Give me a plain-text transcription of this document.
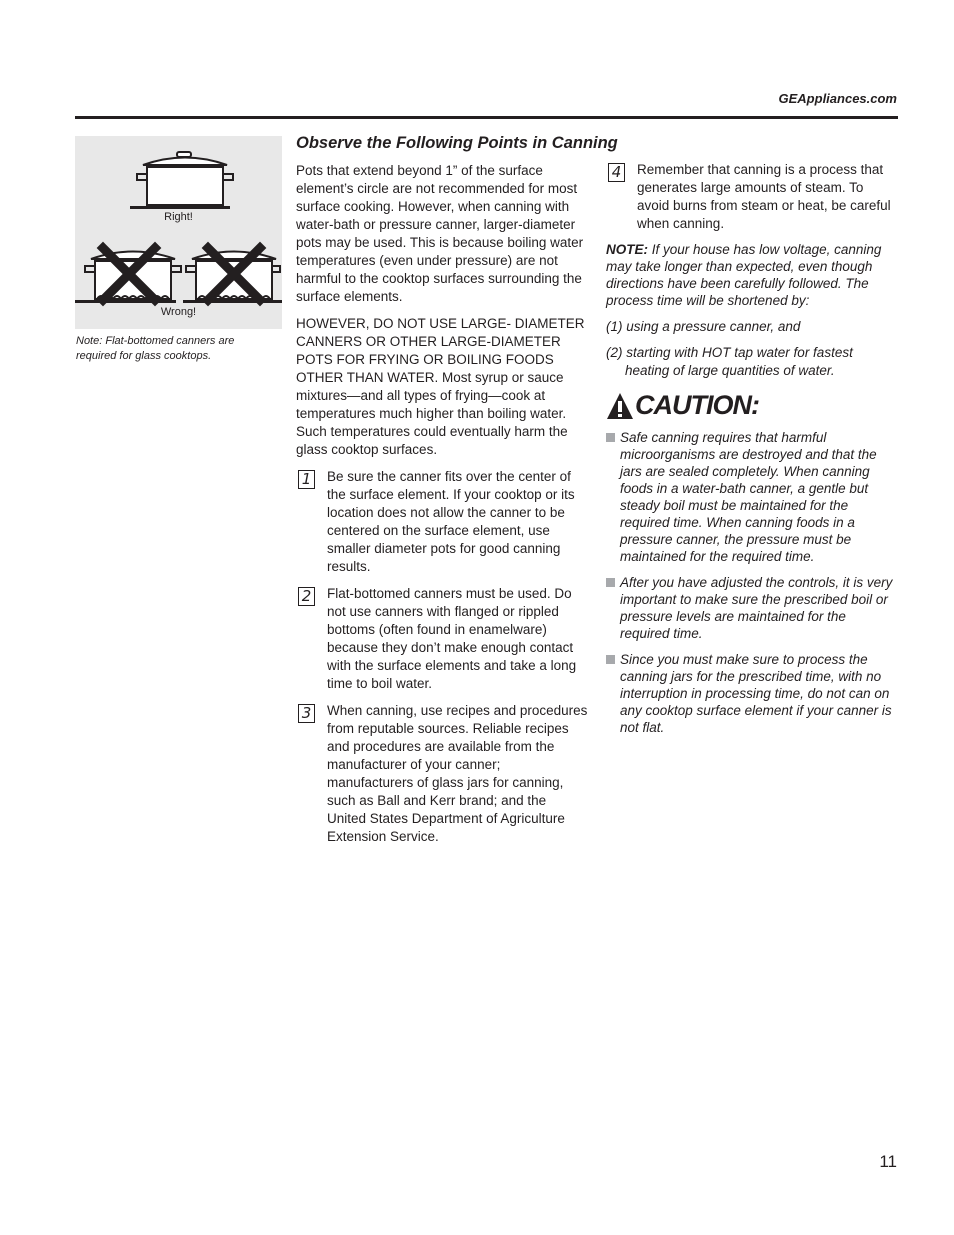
GEAppliances.com
Right!
Wrong!
Note: Flat-bottomed canners are required for glass cooktops.
Observe the Following Points in Canning

Pots that extend beyond 1” of the surface element’s circle are not recommended for most surface cooking. However, when canning with water-bath or pressure canner, larger-diameter pots may be used. This is because boiling water temperatures (even under pressure) are not harmful to the cooktop surfaces surrounding the surface elements.

HOWEVER, DO NOT USE LARGE- DIAMETER CANNERS OR OTHER LARGE-DIAMETER POTS FOR FRYING OR BOILING FOODS OTHER THAN WATER. Most syrup or sauce mixtures—and all types of frying—cook at temperatures much higher than boiling water. Such temperatures could eventually harm the glass cooktop surfaces.

1 Be sure the canner fits over the center of the surface element. If your cooktop or its location does not allow the canner to be centered on the surface element, use smaller diameter pots for good canning results.

2 Flat-bottomed canners must be used. Do not use canners with flanged or rippled bottoms (often found in enamelware) because they don’t make enough contact with the surface elements and take a long time to boil water.

3 When canning, use recipes and procedures from reputable sources. Reliable recipes and procedures are available from the manufacturer of your canner; manufacturers of glass jars for canning, such as Ball and Kerr brand; and the United States Department of Agriculture Extension Service.

4 Remember that canning is a process that generates large amounts of steam. To avoid burns from steam or heat, be careful when canning.

NOTE: If your house has low voltage, canning may take longer than expected, even though directions have been carefully followed. The process time will be shortened by:

(1) using a pressure canner, and

(2) starting with HOT tap water for fastest heating of large quantities of water.

CAUTION:

Safe canning requires that harmful microorganisms are destroyed and that the jars are sealed completely. When canning foods in a water-bath canner, a gentle but steady boil must be maintained for the required time. When canning foods in a pressure canner, the pressure must be maintained for the required time.

After you have adjusted the controls, it is very important to make sure the prescribed boil or pressure levels are maintained for the required time.

Since you must make sure to process the canning jars for the prescribed time, with no interruption in processing time, do not can on any cooktop surface element if your canner is not flat.

11
